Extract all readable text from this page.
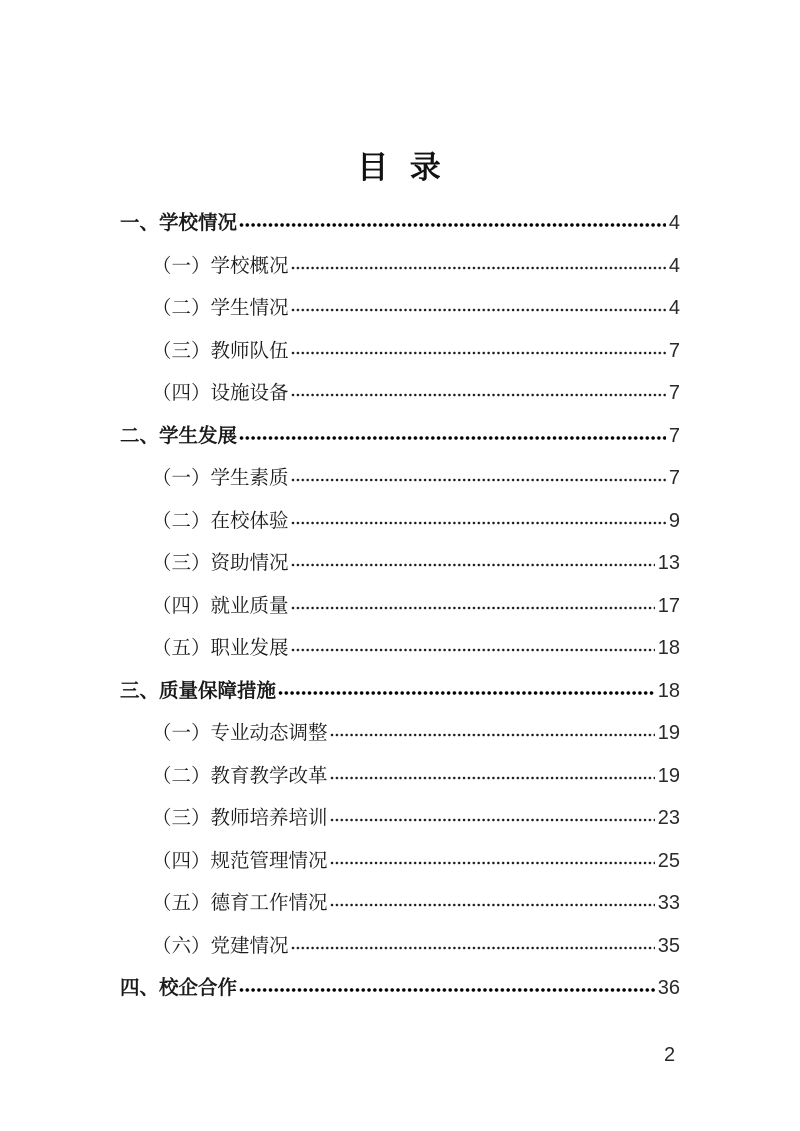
目  录
一、学校情况	4
（一）学校概况	4
（二）学生情况	4
（三）教师队伍	7
（四）设施设备	7
二、学生发展	7
（一）学生素质	7
（二）在校体验	9
（三）资助情况	13
（四）就业质量	17
（五）职业发展	18
三、质量保障措施	18
（一）专业动态调整	19
（二）教育教学改革	19
（三）教师培养培训	23
（四）规范管理情况	25
（五）德育工作情况	33
（六）党建情况	35
四、校企合作	36
2
